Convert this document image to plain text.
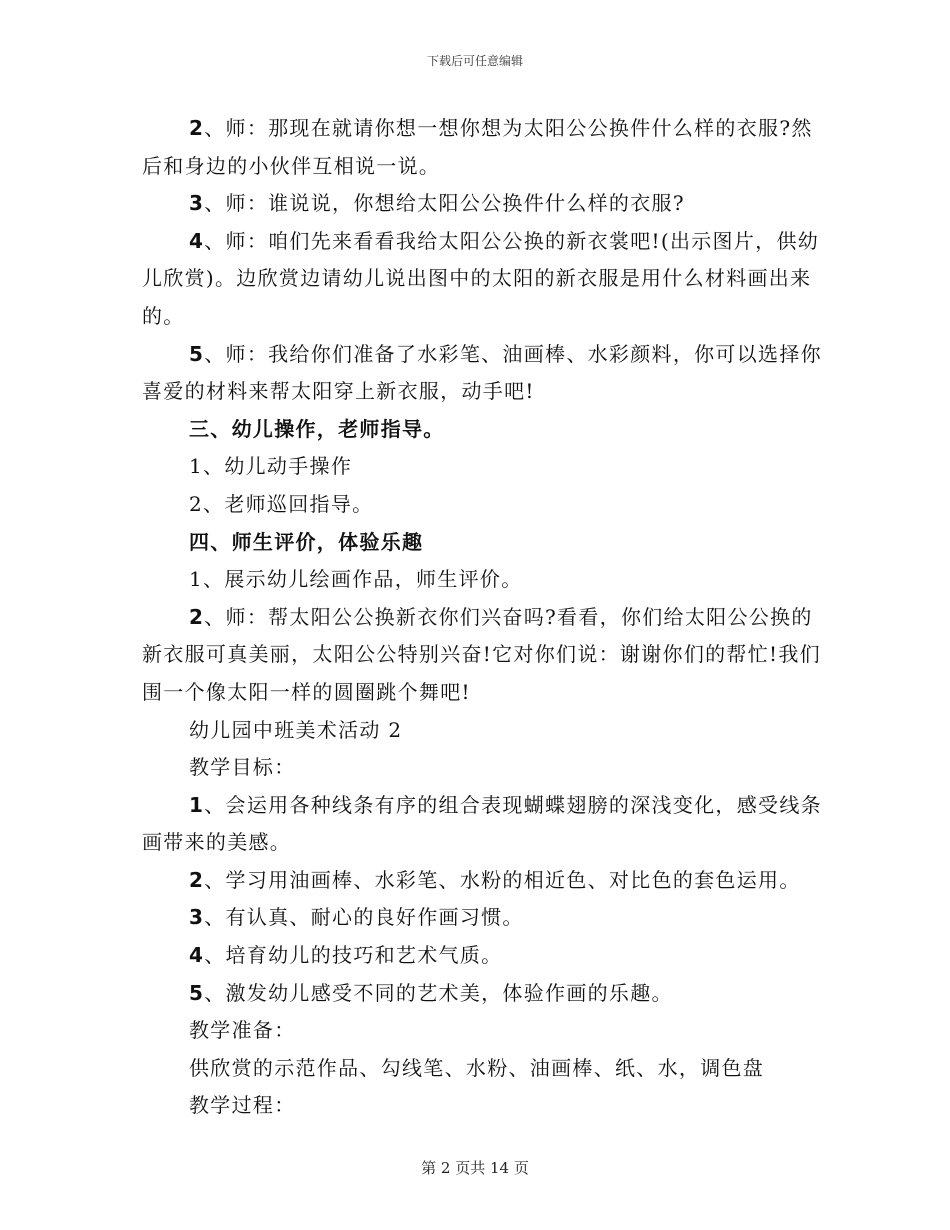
下载后可任意编辑

2、师：那现在就请你想一想你想为太阳公公换件什么样的衣服?然后和身边的小伙伴互相说一说。

3、师：谁说说，你想给太阳公公换件什么样的衣服?

4、师：咱们先来看看我给太阳公公换的新衣裳吧!(出示图片，供幼儿欣赏)。边欣赏边请幼儿说出图中的太阳的新衣服是用什么材料画出来的。

5、师：我给你们准备了水彩笔、油画棒、水彩颜料，你可以选择你喜爱的材料来帮太阳穿上新衣服，动手吧!

三、幼儿操作，老师指导。

1、幼儿动手操作

2、老师巡回指导。

四、师生评价，体验乐趣

1、展示幼儿绘画作品，师生评价。

2、师：帮太阳公公换新衣你们兴奋吗?看看，你们给太阳公公换的新衣服可真美丽，太阳公公特别兴奋!它对你们说：谢谢你们的帮忙!我们围一个像太阳一样的圆圈跳个舞吧!

幼儿园中班美术活动 2

教学目标：

1、会运用各种线条有序的组合表现蝴蝶翅膀的深浅变化，感受线条画带来的美感。

2、学习用油画棒、水彩笔、水粉的相近色、对比色的套色运用。

3、有认真、耐心的良好作画习惯。

4、培育幼儿的技巧和艺术气质。

5、激发幼儿感受不同的艺术美，体验作画的乐趣。

教学准备：

供欣赏的示范作品、勾线笔、水粉、油画棒、纸、水，调色盘

教学过程：

第 2 页共 14 页
